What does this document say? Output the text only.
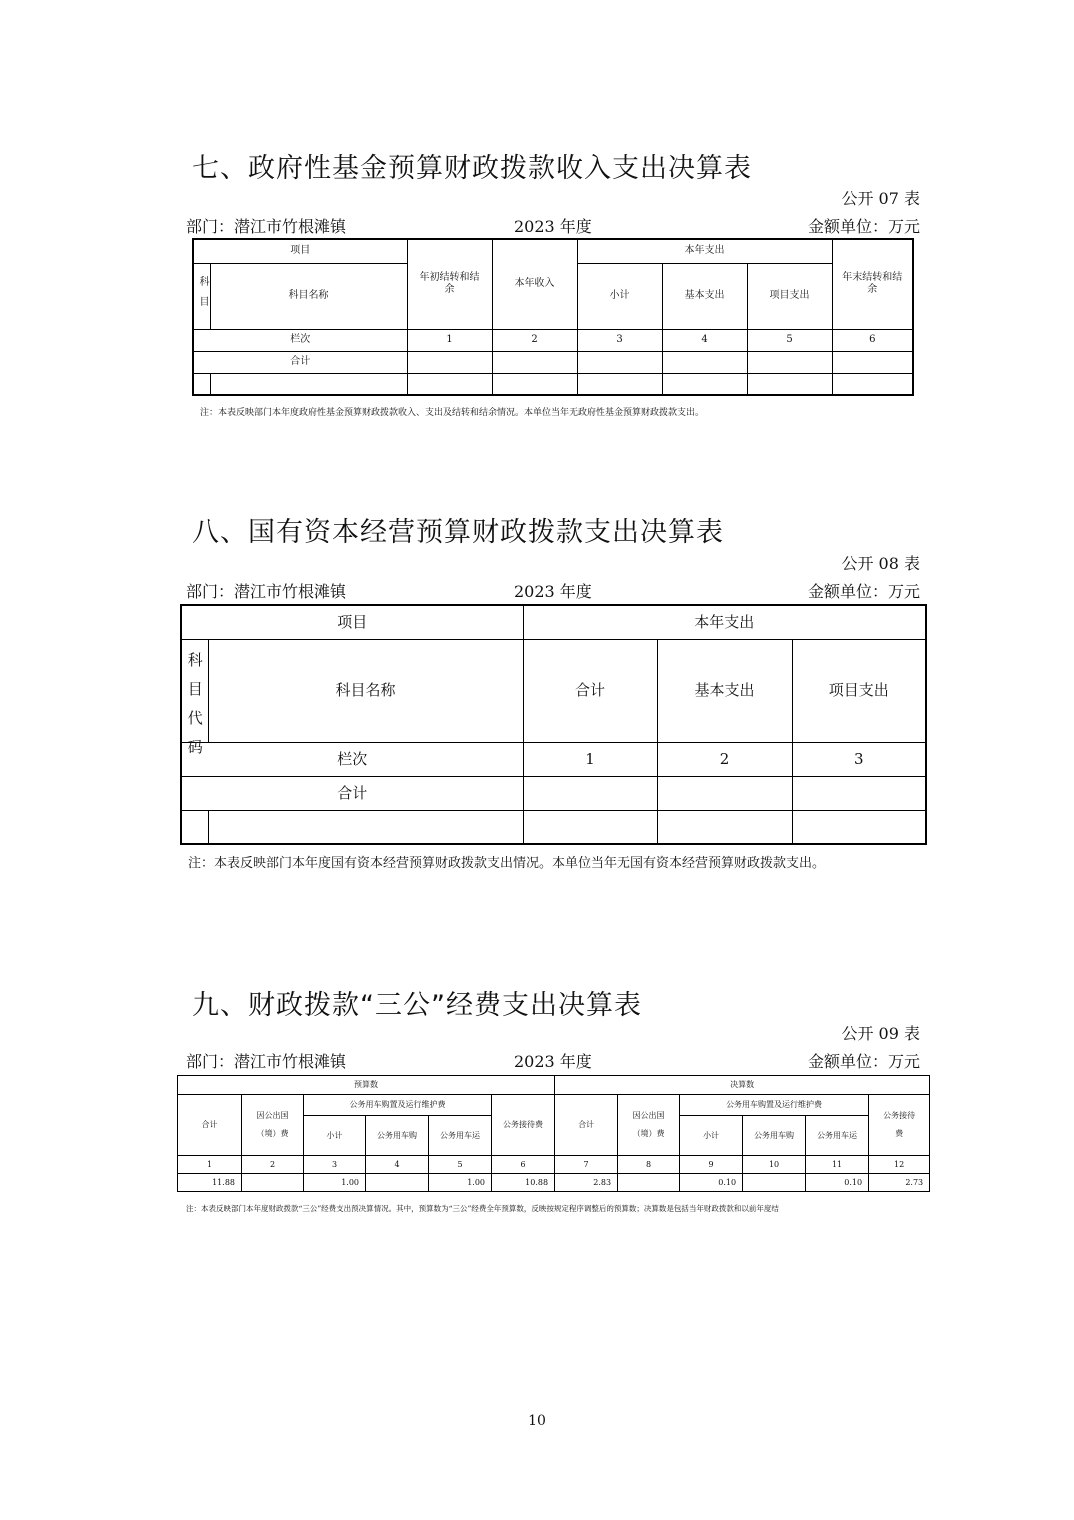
七、政府性基金预算财政拨款收入支出决算表
公开 07 表
部门：潜江市竹根滩镇	2023 年度	金额单位：万元
项目		年初结转和结余	本年收入	本年支出			年末结转和结余
科目	科目名称			小计	基本支出	项目支出	
栏次		1	2	3	4	5	6
合计							

注：本表反映部门本年度政府性基金预算财政拨款收入、支出及结转和结余情况。本单位当年无政府性基金预算财政拨款支出。
八、国有资本经营预算财政拨款支出决算表
公开 08 表
部门：潜江市竹根滩镇	2023 年度	金额单位：万元
项目		本年支出		

科目代码	科目名称	合计	基本支出	项目支出
栏次		1	2	3
合计				

注：本表反映部门本年度国有资本经营预算财政拨款支出情况。本单位当年无国有资本经营预算财政拨款支出。
九、财政拨款“三公”经费支出决算表
公开 09 表
部门：潜江市竹根滩镇	2023 年度	金额单位：万元
预算数						决算数					
合计	因公出国（境）费	公务用车购置及运行维护费			公务接待费	合计	因公出国（境）费	公务用车购置及运行维护费			公务接待费
		小计	公务用车购	公务用车运				小计	公务用车购	公务用车运	
1	2	3	4	5	6	7	8	9	10	11	12
11.88		1.00		1.00	10.88	2.83		0.10		0.10	2.73
注：本表反映部门本年度财政拨款“三公”经费支出预决算情况。其中，预算数为“三公”经费全年预算数，反映按规定程序调整后的预算数；决算数是包括当年财政拨款和以前年度结
10
